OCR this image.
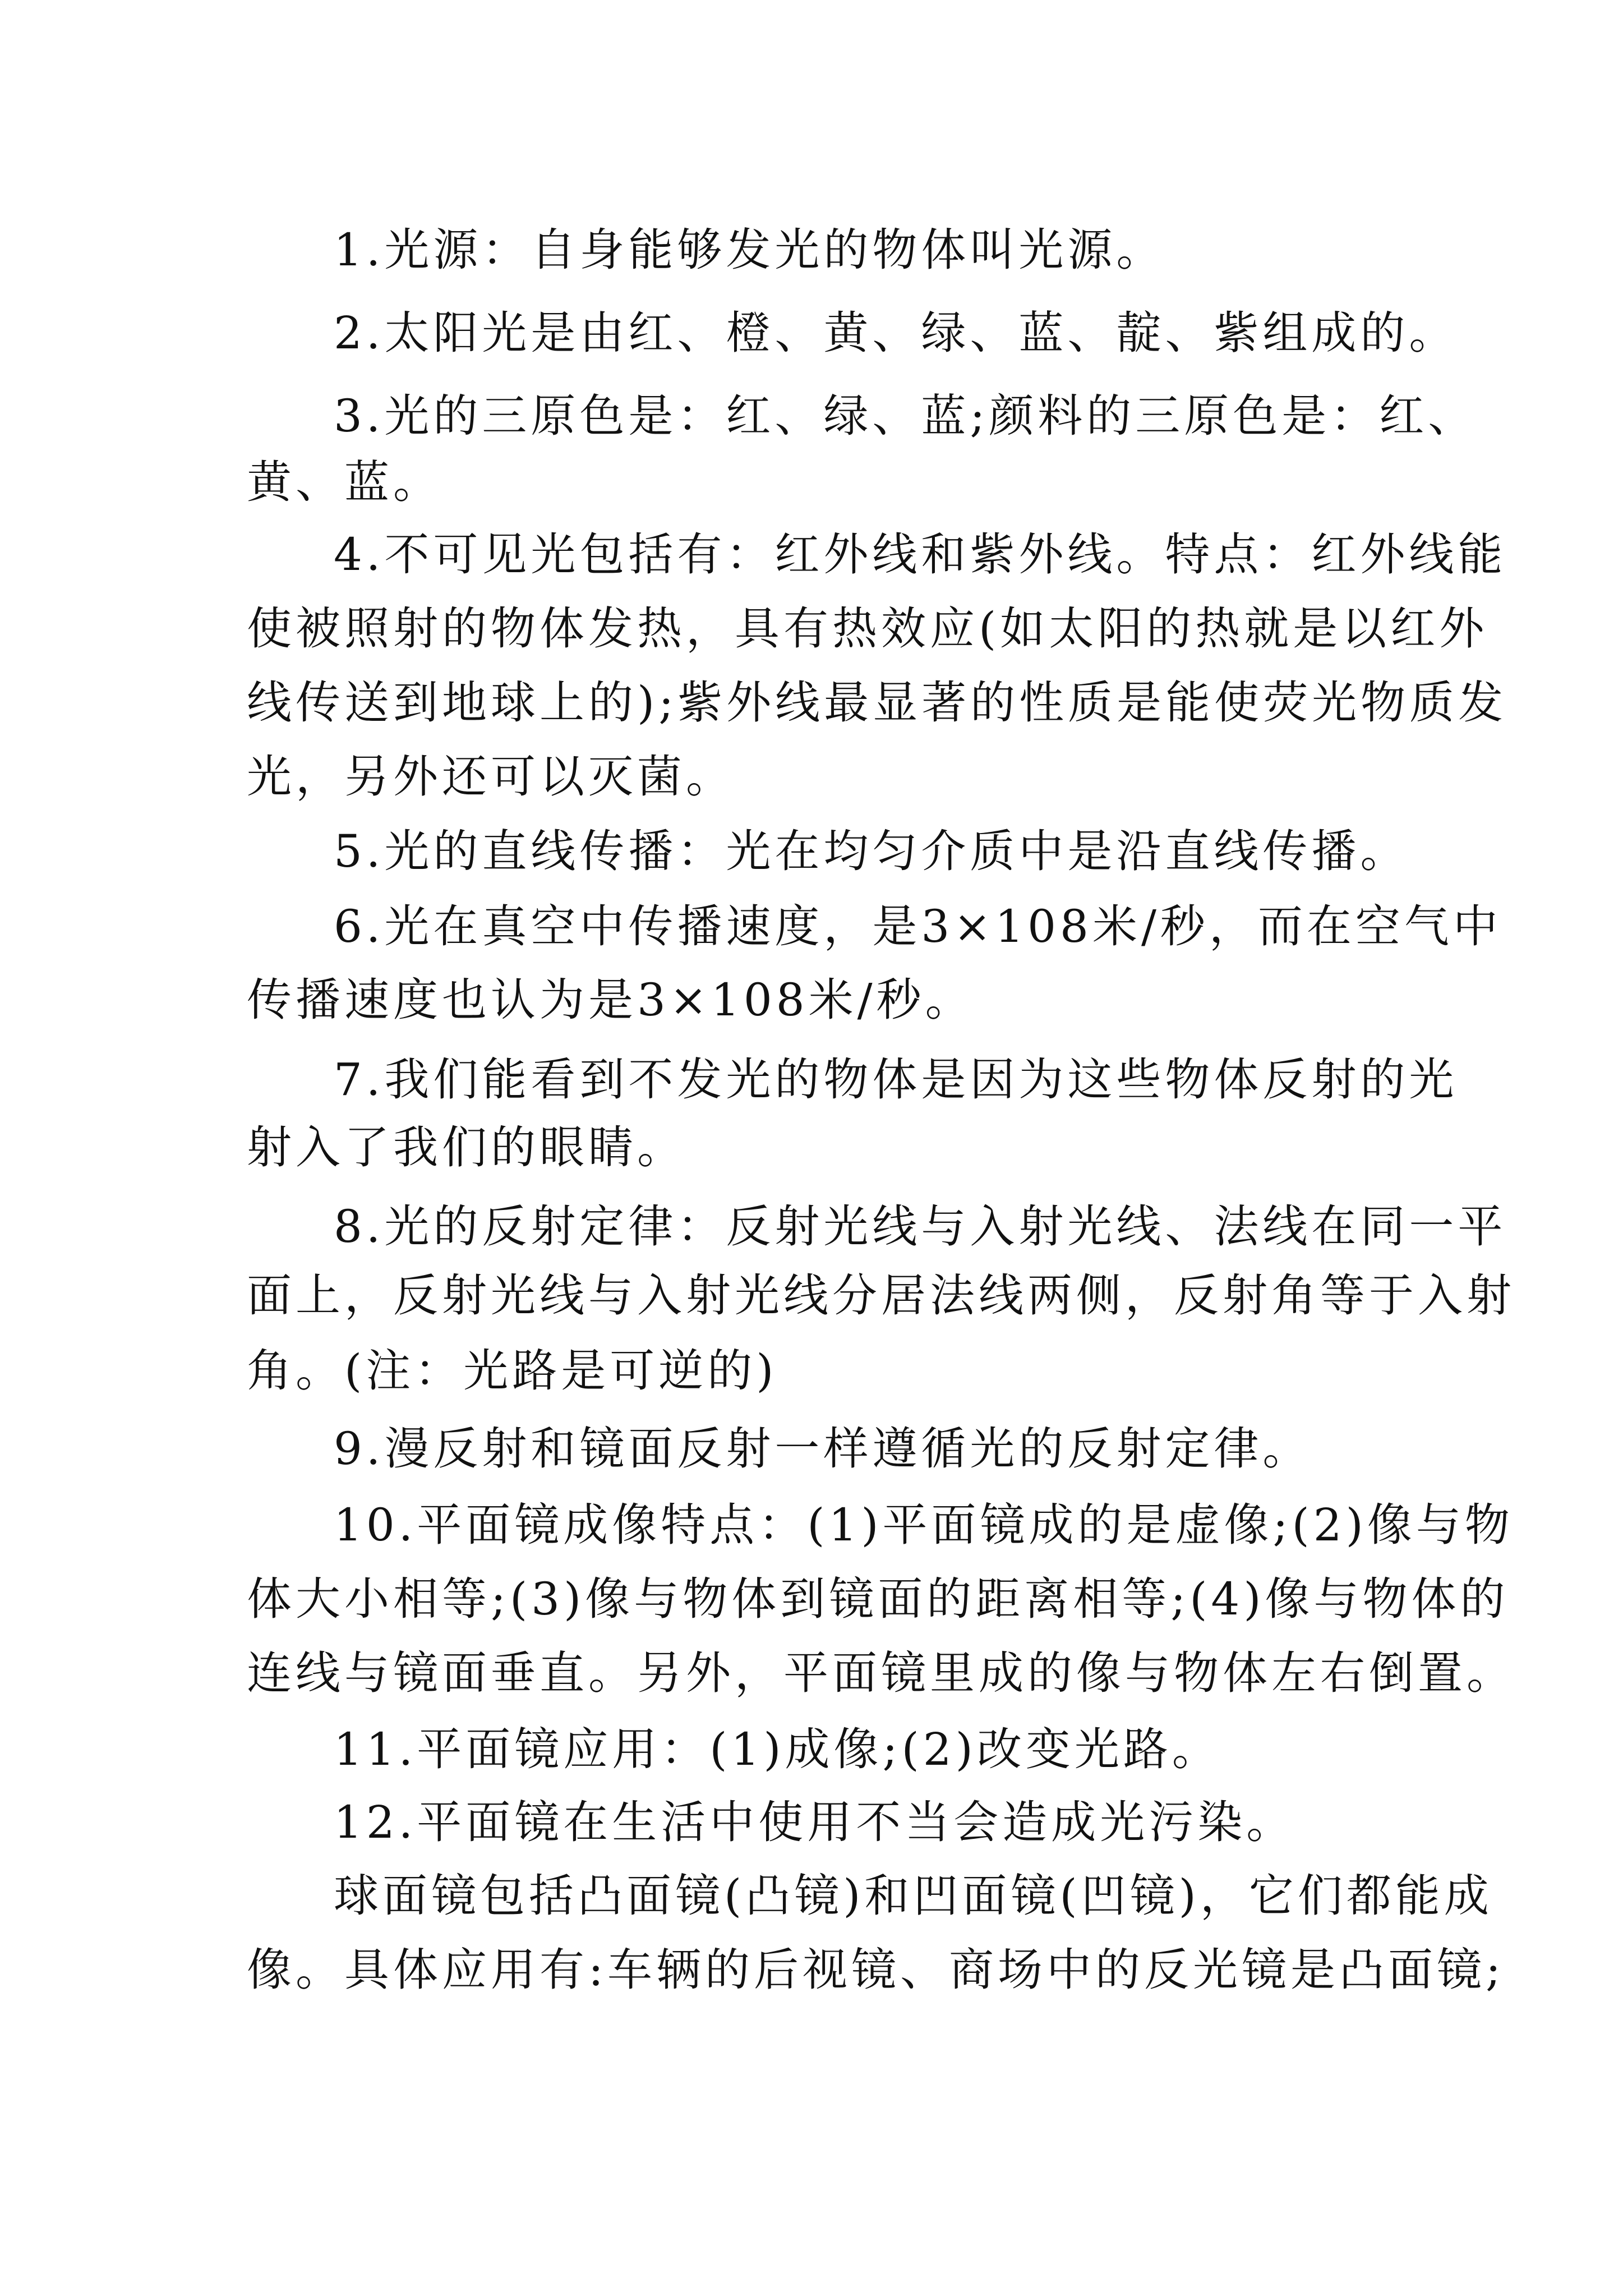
1.光源：自身能够发光的物体叫光源。
2.太阳光是由红、橙、黄、绿、蓝、靛、紫组成的。
3.光的三原色是：红、绿、蓝;颜料的三原色是：红、
黄、蓝。
4.不可见光包括有：红外线和紫外线。特点：红外线能
使被照射的物体发热，具有热效应(如太阳的热就是以红外
线传送到地球上的);紫外线最显著的性质是能使荧光物质发
光，另外还可以灭菌。
5.光的直线传播：光在均匀介质中是沿直线传播。
6.光在真空中传播速度，是3×108米/秒，而在空气中
传播速度也认为是3×108米/秒。
7.我们能看到不发光的物体是因为这些物体反射的光
射入了我们的眼睛。
8.光的反射定律：反射光线与入射光线、法线在同一平
面上，反射光线与入射光线分居法线两侧，反射角等于入射
角。(注：光路是可逆的)
9.漫反射和镜面反射一样遵循光的反射定律。
10.平面镜成像特点：(1)平面镜成的是虚像;(2)像与物
体大小相等;(3)像与物体到镜面的距离相等;(4)像与物体的
连线与镜面垂直。另外，平面镜里成的像与物体左右倒置。
11.平面镜应用：(1)成像;(2)改变光路。
12.平面镜在生活中使用不当会造成光污染。
球面镜包括凸面镜(凸镜)和凹面镜(凹镜)，它们都能成
像。具体应用有:车辆的后视镜、商场中的反光镜是凸面镜;
